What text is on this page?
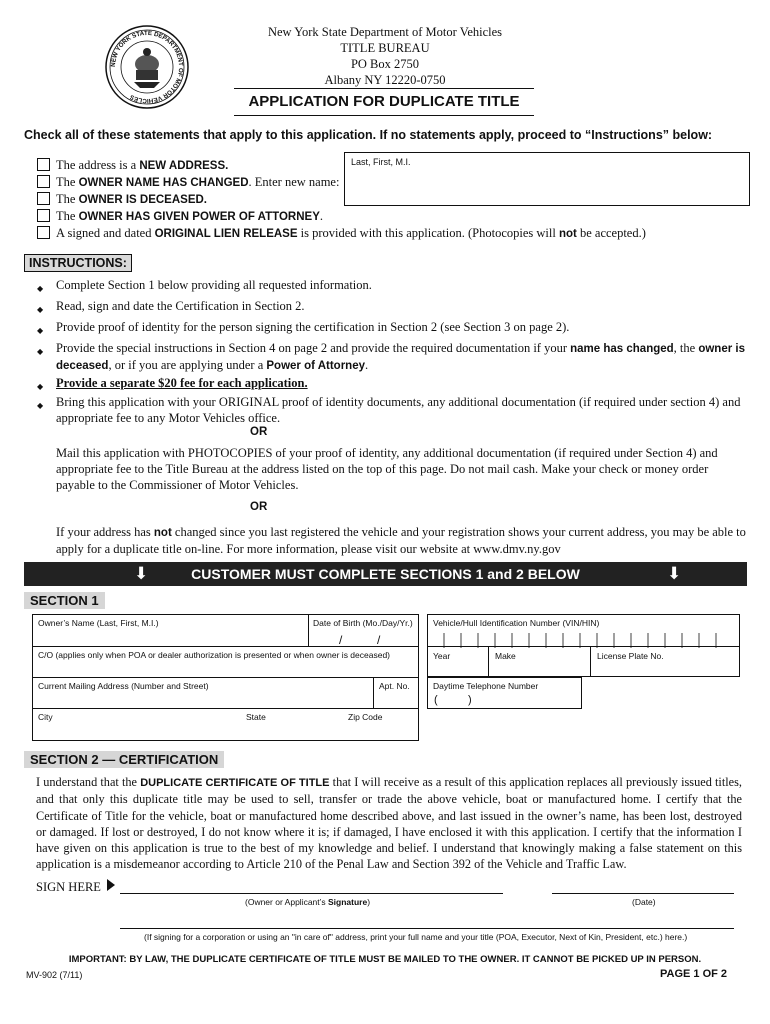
NEW YORK STATE DEPARTMENT OF MOTOR VEHICLES
New York State Department of Motor Vehicles
TITLE BUREAU
PO Box 2750
Albany NY 12220-0750
APPLICATION FOR DUPLICATE TITLE
Check all of these statements that apply to this application. If no statements apply, proceed to “Instructions” below:
Last, First, M.I.
The address is a NEW ADDRESS.
The OWNER NAME HAS CHANGED. Enter new name:
The OWNER IS DECEASED.
The OWNER HAS GIVEN POWER OF ATTORNEY.
A signed and dated ORIGINAL LIEN RELEASE is provided with this application. (Photocopies will not be accepted.)
INSTRUCTIONS:
◆ Complete Section 1 below providing all requested information.
◆ Read, sign and date the Certification in Section 2.
◆ Provide proof of identity for the person signing the certification in Section 2 (see Section 3 on page 2).
◆ Provide the special instructions in Section 4 on page 2 and provide the required documentation if your name has changed, the owner is deceased, or if you are applying under a Power of Attorney.
◆ Provide a separate $20 fee for each application.
◆ Bring this application with your ORIGINAL proof of identity documents, any additional documentation (if required under section 4) and appropriate fee to any Motor Vehicles office.
OR
Mail this application with PHOTOCOPIES of your proof of identity, any additional documentation (if required under Section 4) and appropriate fee to the Title Bureau at the address listed on the top of this page. Do not mail cash. Make your check or money order payable to the Commissioner of Motor Vehicles.
OR
If your address has not changed since you last registered the vehicle and your registration shows your current address, you may be able to apply for a duplicate title on-line. For more information, please visit our website at www.dmv.ny.gov
⬇	CUSTOMER MUST COMPLETE SECTIONS 1 and 2 BELOW	⬇
SECTION 1
Owner’s Name (Last, First, M.I.)	Date of Birth (Mo./Day/Yr.)
/	/
C/O (applies only when POA or dealer authorization is presented or when owner is deceased)
Current Mailing Address (Number and Street)	Apt. No.
City	State	Zip Code
Vehicle/Hull Identification Number (VIN/HIN)
Year	Make	License Plate No.
Daytime Telephone Number
(	)
SECTION 2 — CERTIFICATION
I understand that the DUPLICATE CERTIFICATE OF TITLE that I will receive as a result of this application replaces all previously issued titles, and that only this duplicate title may be used to sell, transfer or trade the above vehicle, boat or manufactured home. I certify that the Certificate of Title for the vehicle, boat or manufactured home described above, and last issued in the owner’s name, has been lost, destroyed or damaged. If lost or destroyed, I do not know where it is; if damaged, I have enclosed it with this application. I certify that the information I have given on this application is true to the best of my knowledge and belief. I understand that knowingly making a false statement on this application is a misdemeanor according to Article 210 of the Penal Law and Section 392 of the Vehicle and Traffic Law.
SIGN HERE
(Owner or Applicant’s Signature)	(Date)
(If signing for a corporation or using an "in care of" address, print your full name and your title (POA, Executor, Next of Kin, President, etc.) here.)
IMPORTANT: BY LAW, THE DUPLICATE CERTIFICATE OF TITLE MUST BE MAILED TO THE OWNER. IT CANNOT BE PICKED UP IN PERSON.
MV-902 (7/11)	PAGE 1 OF 2
